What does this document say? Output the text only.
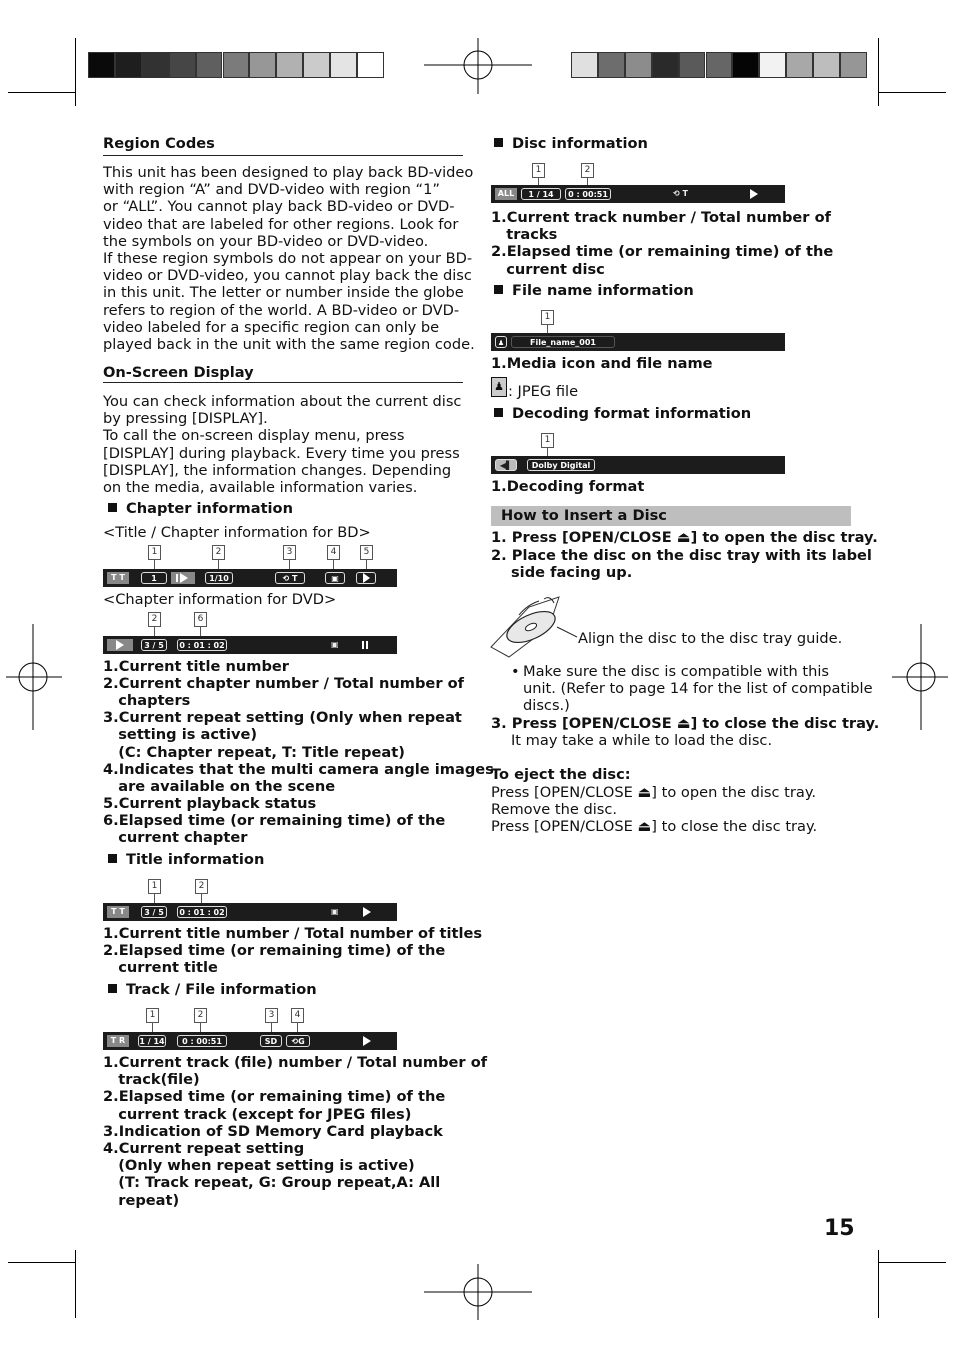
Region Codes
This unit has been designed to play back BD-video
with region “A” and DVD-video with region “1”
or “ALL”. You cannot play back BD-video or DVD-
video that are labeled for other regions. Look for
the symbols on your BD-video or DVD-video.
If these region symbols do not appear on your BD-
video or DVD-video, you cannot play back the disc
in this unit. The letter or number inside the globe
refers to region of the world. A BD-video or DVD-
video labeled for a specific region can only be
played back in the unit with the same region code.
On-Screen Display
You can check information about the current disc
by pressing [DISPLAY].
To call the on-screen display menu, press
[DISPLAY] during playback. Every time you press
[DISPLAY], the information changes. Depending
on the media, available information varies.
Chapter information
<Title / Chapter information for BD>
1	2	3	4	5
T T	1	1/10	⟲ T	▣
<Chapter information for DVD>
2	6
3 / 5	0 : 01 : 02	▣
1.Current title number
2.Current chapter number / Total number of
chapters
3.Current repeat setting (Only when repeat
setting is active)
(C: Chapter repeat, T: Title repeat)
4.Indicates that the multi camera angle images
are available on the scene
5.Current playback status
6.Elapsed time (or remaining time) of the
current chapter
Title information
1	2
T T	3 / 5	0 : 01 : 02	▣
1.Current title number / Total number of titles
2.Elapsed time (or remaining time) of the
current title
Track / File information
1	2	3	4
T R	1 / 14	0 : 00:51	SD	⟲G
1.Current track (file) number / Total number of
track(file)
2.Elapsed time (or remaining time) of the
current track (except for JPEG files)
3.Indication of SD Memory Card playback
4.Current repeat setting
(Only when repeat setting is active)
(T: Track repeat, G: Group repeat,A: All
repeat)
Disc information
1	2
ALL	1 / 14	0 : 00:51	⟲ T
1.Current track number / Total number of
tracks
2.Elapsed time (or remaining time) of the
current disc
File name information
1
♟	File_name_001
1.Media icon and file name
♟ : JPEG file
Decoding format information
1
◀▌	Dolby Digital
1.Decoding format
How to Insert a Disc
1. Press [OPEN/CLOSE ⏏] to open the disc tray.
2. Place the disc on the disc tray with its label
side facing up.
Align the disc to the disc tray guide.
Make sure the disc is compatible with this
unit. (Refer to page 14 for the list of compatible
discs.)
•
3. Press [OPEN/CLOSE ⏏] to close the disc tray.
It may take a while to load the disc.
To eject the disc:
Press [OPEN/CLOSE ⏏] to open the disc tray.
Remove the disc.
Press [OPEN/CLOSE ⏏] to close the disc tray.
15
